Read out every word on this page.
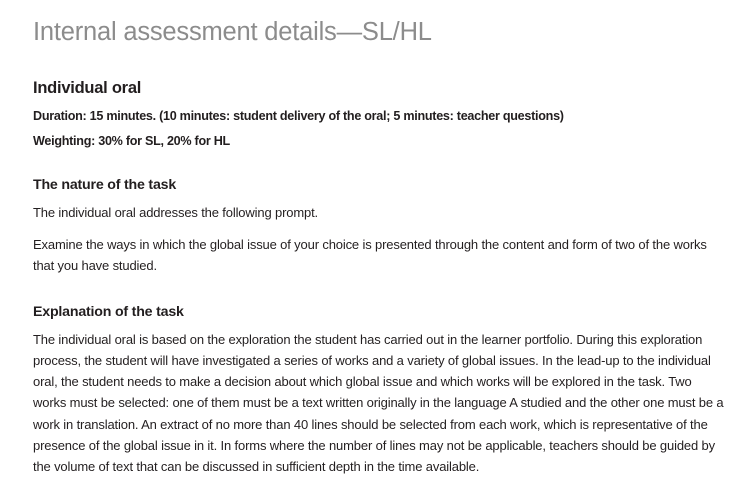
Internal assessment details—SL/HL
Individual oral

Duration: 15 minutes. (10 minutes: student delivery of the oral; 5 minutes: teacher questions)

Weighting: 30% for SL, 20% for HL

The nature of the task

The individual oral addresses the following prompt.

Examine the ways in which the global issue of your choice is presented through the content and form of two of the works that you have studied.

Explanation of the task

The individual oral is based on the exploration the student has carried out in the learner portfolio. During this exploration process, the student will have investigated a series of works and a variety of global issues. In the lead-up to the individual oral, the student needs to make a decision about which global issue and which works will be explored in the task. Two works must be selected: one of them must be a text written originally in the language A studied and the other one must be a work in translation. An extract of no more than 40 lines should be selected from each work, which is representative of the presence of the global issue in it. In forms where the number of lines may not be applicable, teachers should be guided by the volume of text that can be discussed in sufficient depth in the time available.
